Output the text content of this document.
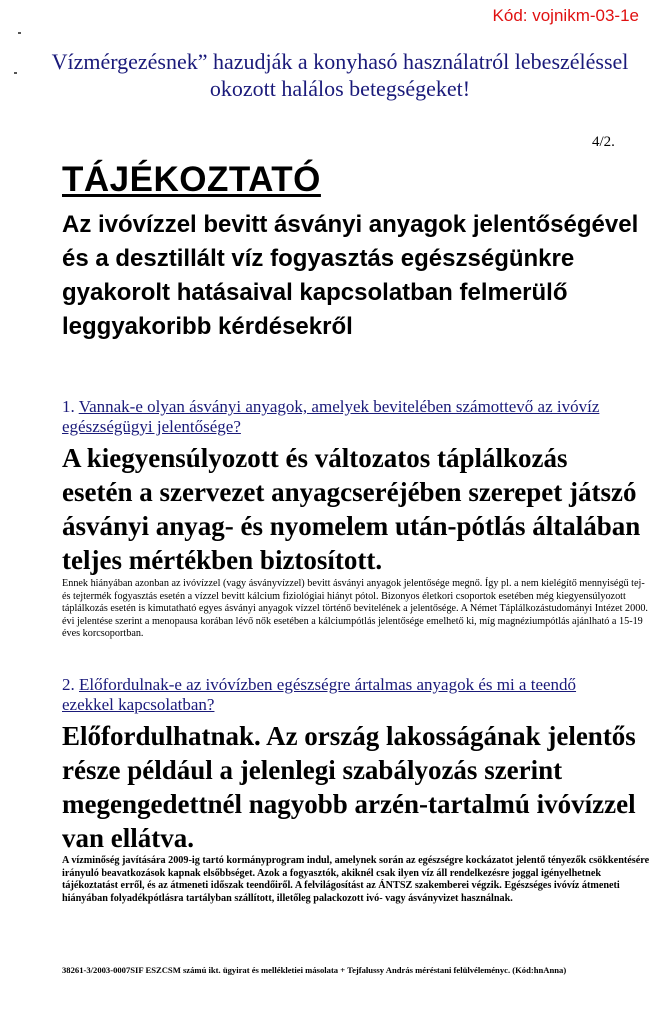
Kód: vojnikm-03-1e
Vízmérgezésnek” hazudják a konyhasó használatról lebeszéléssel okozott halálos betegségeket!
4/2.
TÁJÉKOZTATÓ
Az ivóvízzel bevitt ásványi anyagok jelentőségével és a desztillált víz fogyasztás egészségünkre gyakorolt hatásaival kapcsolatban felmerülő leggyakoribb kérdésekről
1. Vannak-e olyan ásványi anyagok, amelyek bevitelében számottevő az ivóvíz egészségügyi jelentősége?
A kiegyensúlyozott és változatos táplálkozás esetén a szervezet anyagcseréjében szerepet játszó ásványi anyag- és nyomelem után-pótlás általában teljes mértékben biztosított.
Ennek hiányában azonban az ivóvízzel (vagy ásványvízzel) bevitt ásványi anyagok jelentősége megnő. Így pl. a nem kielégítő mennyiségű tej- és tejtermék fogyasztás esetén a vízzel bevitt kálcium fiziológiai hiányt pótol. Bizonyos életkori csoportok esetében még kiegyensúlyozott táplálkozás esetén is kimutatható egyes ásványi anyagok vízzel történő bevitelének a jelentősége. A Német Táplálkozástudományi Intézet 2000. évi jelentése szerint a menopausa korában lévő nők esetében a kálciumpótlás jelentősége emelhető ki, míg magnéziumpótlás ajánlható a 15-19 éves korcsoportban.
2. Előfordulnak-e az ivóvízben egészségre ártalmas anyagok és mi a teendő ezekkel kapcsolatban?
Előfordulhatnak. Az ország lakosságának jelentős része például a jelenlegi szabályozás szerint megengedettnél nagyobb arzén-tartalmú ivóvízzel van ellátva.
A vízminőség javítására 2009-ig tartó kormányprogram indul, amelynek során az egészségre kockázatot jelentő tényezők csökkentésére irányuló beavatkozások kapnak elsőbbséget. Azok a fogyasztók, akiknél csak ilyen víz áll rendelkezésre joggal igényelhetnek tájékoztatást erről, és az átmeneti időszak teendőiről. A felvilágosítást az ÁNTSZ szakemberei végzik. Egészséges ivóvíz átmeneti hiányában folyadékpótlásra tartályban szállított, illetőleg palackozott ivó- vagy ásványvizet használnak.
38261-3/2003-0007SIF ESZCSM számú ikt. ügyirat és mellékletiei másolata + Tejfalussy András méréstani felülvéleményc. (Kód:hnAnna)
